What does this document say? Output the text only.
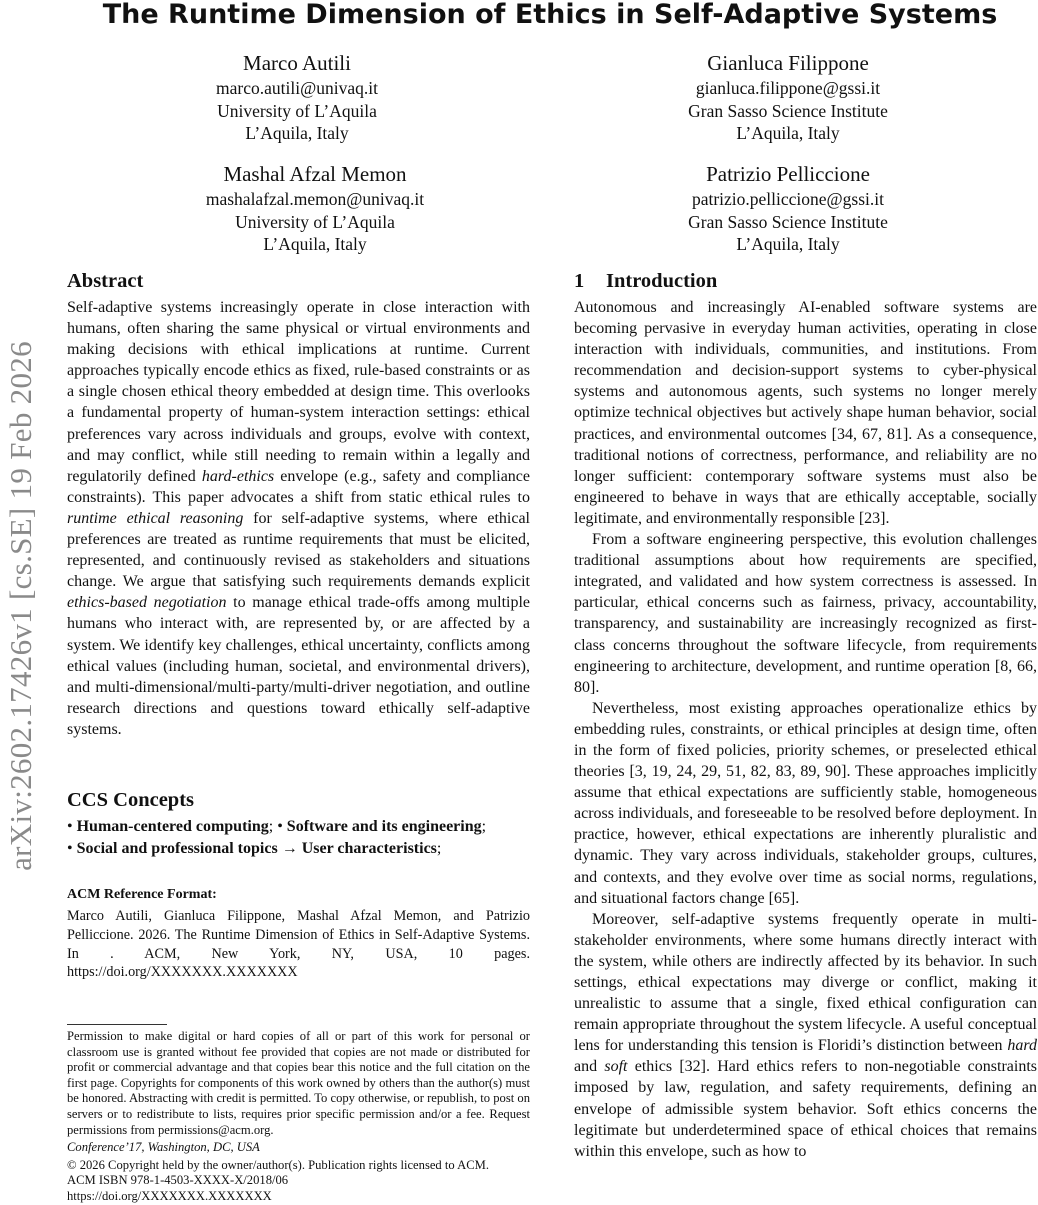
arXiv:2602.17426v1 [cs.SE] 19 Feb 2026
The Runtime Dimension of Ethics in Self-Adaptive Systems
Marco Autili
marco.autili@univaq.it
University of L’Aquila
L’Aquila, Italy
Gianluca Filippone
gianluca.filippone@gssi.it
Gran Sasso Science Institute
L’Aquila, Italy
Mashal Afzal Memon
mashalafzal.memon@univaq.it
University of L’Aquila
L’Aquila, Italy
Patrizio Pelliccione
patrizio.pelliccione@gssi.it
Gran Sasso Science Institute
L’Aquila, Italy
Abstract

Self-adaptive systems increasingly operate in close interaction with humans, often sharing the same physical or virtual environments and making decisions with ethical implications at runtime. Current approaches typically encode ethics as fixed, rule-based constraints or as a single chosen ethical theory embedded at design time. This overlooks a fundamental property of human-system interaction settings: ethical preferences vary across individuals and groups, evolve with context, and may conflict, while still needing to remain within a legally and regulatorily defined hard-ethics envelope (e.g., safety and compliance constraints). This paper advocates a shift from static ethical rules to runtime ethical reasoning for self-adaptive systems, where ethical preferences are treated as runtime requirements that must be elicited, represented, and continuously revised as stakeholders and situations change. We argue that satisfying such requirements demands explicit ethics-based negotiation to manage ethical trade-offs among multiple humans who interact with, are represented by, or are affected by a system. We identify key challenges, ethical uncertainty, conflicts among ethical values (including human, societal, and environmental drivers), and multi-dimensional/multi-party/multi-driver negotiation, and outline research directions and questions toward ethically self-adaptive systems.

CCS Concepts
• Human-centered computing; • Software and its engineering;
• Social and professional topics → User characteristics;
ACM Reference Format:
Marco Autili, Gianluca Filippone, Mashal Afzal Memon, and Patrizio Pelliccione. 2026. The Runtime Dimension of Ethics in Self-Adaptive Systems. In . ACM, New York, NY, USA, 10 pages. https://doi.org/XXXXXXX.XXXXXXX
Permission to make digital or hard copies of all or part of this work for personal or classroom use is granted without fee provided that copies are not made or distributed for profit or commercial advantage and that copies bear this notice and the full citation on the first page. Copyrights for components of this work owned by others than the author(s) must be honored. Abstracting with credit is permitted. To copy otherwise, or republish, to post on servers or to redistribute to lists, requires prior specific permission and/or a fee. Request permissions from permissions@acm.org.
Conference’17, Washington, DC, USA
© 2026 Copyright held by the owner/author(s). Publication rights licensed to ACM.
ACM ISBN 978-1-4503-XXXX-X/2018/06
https://doi.org/XXXXXXX.XXXXXXX
1 Introduction

Autonomous and increasingly AI-enabled software systems are becoming pervasive in everyday human activities, operating in close interaction with individuals, communities, and institutions. From recommendation and decision-support systems to cyber-physical systems and autonomous agents, such systems no longer merely optimize technical objectives but actively shape human behavior, social practices, and environmental outcomes [34, 67, 81]. As a consequence, traditional notions of correctness, performance, and reliability are no longer sufficient: contemporary software systems must also be engineered to behave in ways that are ethically acceptable, socially legitimate, and environmentally responsible [23].

From a software engineering perspective, this evolution challenges traditional assumptions about how requirements are specified, integrated, and validated and how system correctness is assessed. In particular, ethical concerns such as fairness, privacy, accountability, transparency, and sustainability are increasingly recognized as first-class concerns throughout the software lifecycle, from requirements engineering to architecture, development, and runtime operation [8, 66, 80].

Nevertheless, most existing approaches operationalize ethics by embedding rules, constraints, or ethical principles at design time, often in the form of fixed policies, priority schemes, or preselected ethical theories [3, 19, 24, 29, 51, 82, 83, 89, 90]. These approaches implicitly assume that ethical expectations are sufficiently stable, homogeneous across individuals, and foreseeable to be resolved before deployment. In practice, however, ethical expectations are inherently pluralistic and dynamic. They vary across individuals, stakeholder groups, cultures, and contexts, and they evolve over time as social norms, regulations, and situational factors change [65].

Moreover, self-adaptive systems frequently operate in multi-stakeholder environments, where some humans directly interact with the system, while others are indirectly affected by its behavior. In such settings, ethical expectations may diverge or conflict, making it unrealistic to assume that a single, fixed ethical configuration can remain appropriate throughout the system lifecycle. A useful conceptual lens for understanding this tension is Floridi’s distinction between hard and soft ethics [32]. Hard ethics refers to non-negotiable constraints imposed by law, regulation, and safety requirements, defining an envelope of admissible system behavior. Soft ethics concerns the legitimate but underdetermined space of ethical choices that remains within this envelope, such as how to
